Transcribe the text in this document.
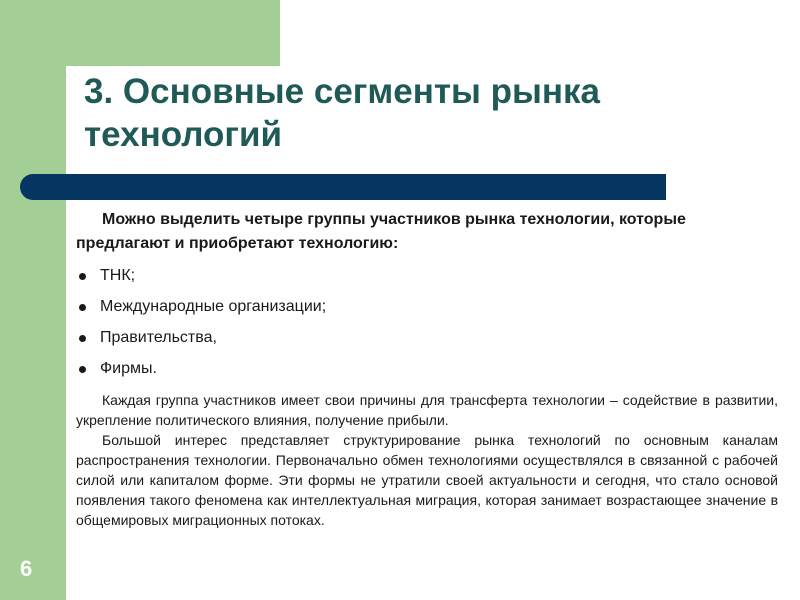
3. Основные сегменты рынка технологий
6

Можно выделить четыре группы участников рынка технологии, которые предлагают и приобретают технологию:

ТНК;
Международные организации;
Правительства,
Фирмы.

Каждая группа участников имеет свои причины для трансферта технологии – содействие в развитии, укрепление политического влияния, получение прибыли.

Большой интерес представляет структурирование рынка технологий по основным каналам распространения технологии. Первоначально обмен технологиями осуществлялся в связанной с рабочей силой или капиталом форме. Эти формы не утратили своей актуальности и сегодня, что стало основой появления такого феномена как интеллектуальная миграция, которая занимает возрастающее значение в общемировых миграционных потоках.
